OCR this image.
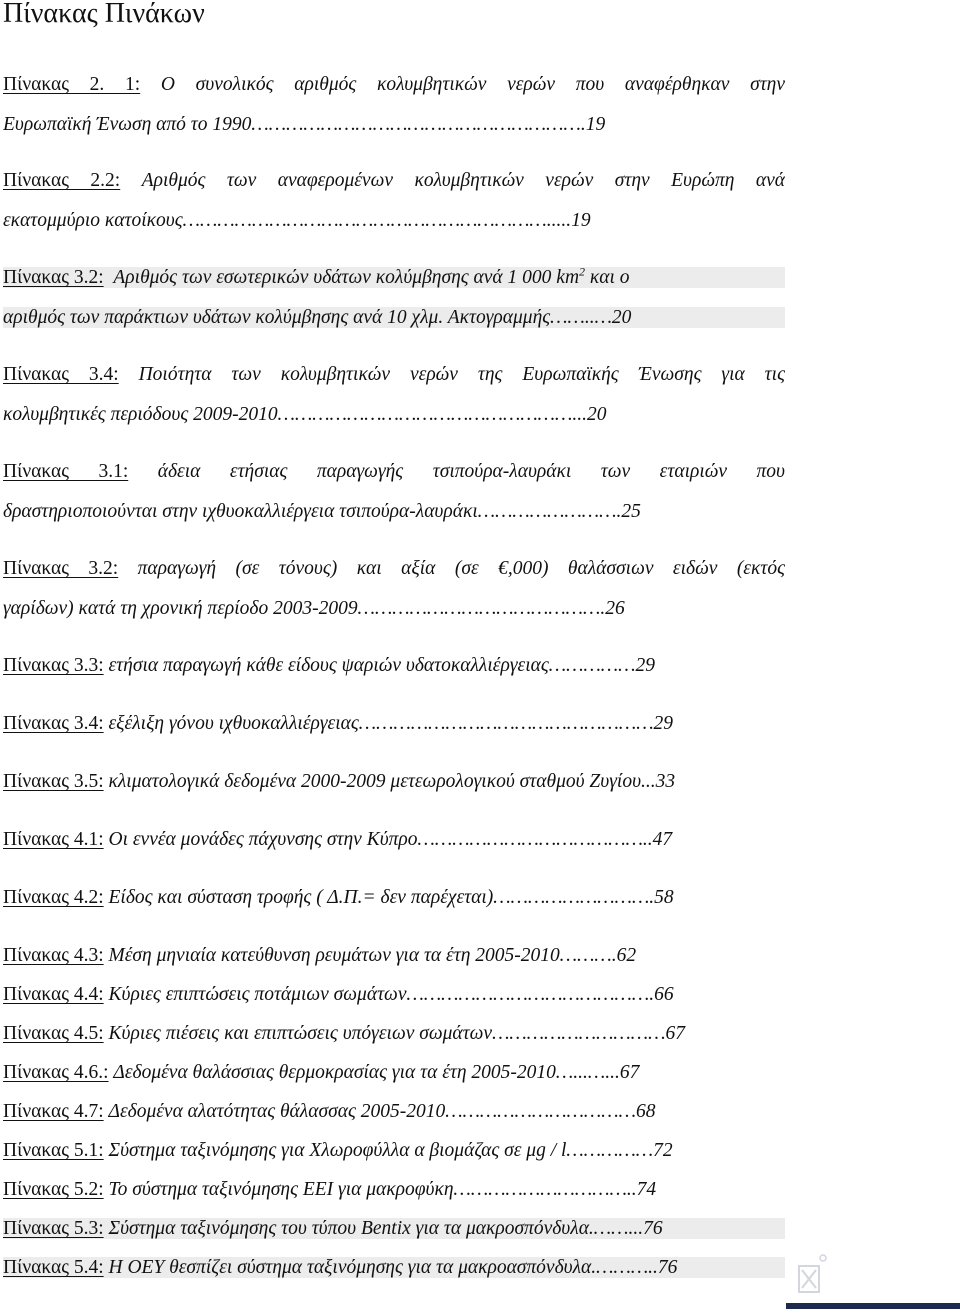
Πίνακας Πινάκων
Πίνακας 2. 1: Ο συνολικός αριθμός κολυμβητικών νερών που αναφέρθηκαν στην
Ευρωπαϊκή Ένωση από το 1990………………………………………………….19
Πίνακας 2.2: Αριθμός των αναφερομένων κολυμβητικών νερών στην Ευρώπη ανά
εκατομμύριο κατοίκους……………………………………………………….....19
Πίνακας 3.2: Αριθμός των εσωτερικών υδάτων κολύμβησης ανά 1 000 $km^2$ και ο
αριθμός των παράκτιων υδάτων κολύμβησης ανά 10 χλμ. Ακτογραμμής……..…20
Πίνακας 3.4: Ποιότητα των κολυμβητικών νερών της Ευρωπαϊκής Ένωσης για τις
κολυμβητικές περιόδους 2009-2010……………………………………………...20
Πίνακας 3.1: άδεια ετήσιας παραγωγής τσιπούρα-λαυράκι των εταιριών που
δραστηριοποιούνται στην ιχθυοκαλλιέργεια τσιπούρα-λαυράκι…………………….25
Πίνακας 3.2: παραγωγή (σε τόνους) και αξία (σε €,000) θαλάσσιων ειδών (εκτός
γαρίδων) κατά τη χρονική περίοδο 2003-2009…………………………………….26
Πίνακας 3.3: ετήσια παραγωγή κάθε είδους ψαριών υδατοκαλλιέργειας……………29
Πίνακας 3.4: εξέλιξη γόνου ιχθυοκαλλιέργειας……………………………………………29
Πίνακας 3.5: κλιματολογικά δεδομένα 2000-2009 μετεωρολογικού σταθμού Ζυγίου...33
Πίνακας 4.1: Οι εννέα μονάδες πάχυνσης στην Κύπρο…………………………………..47
Πίνακας 4.2: Είδος και σύσταση τροφής ( Δ.Π.= δεν παρέχεται)……………………….58
Πίνακας 4.3: Μέση μηνιαία κατεύθυνση ρευμάτων για τα έτη 2005-2010……….62
Πίνακας 4.4: Κύριες επιπτώσεις ποτάμιων σωμάτων…………………………………….66
Πίνακας 4.5: Κύριες πιέσεις και επιπτώσεις υπόγειων σωμάτων…………………………67
Πίνακας 4.6.: Δεδομένα θαλάσσιας θερμοκρασίας για τα έτη 2005-2010…...…...67
Πίνακας 4.7: Δεδομένα αλατότητας θάλασσας 2005-2010……………………………68
Πίνακας 5.1: Σύστημα ταξινόμησης για Χλωροφύλλα α βιομάζας σε μg / l……………72
Πίνακας 5.2: Το σύστημα ταξινόμησης ΕΕΙ για μακροφύκη…………………………..74
Πίνακας 5.3: Σύστημα ταξινόμησης του τύπου Bentix για τα μακροσπόνδυλα.……...76
Πίνακας 5.4: Η ΟΕΥ θεσπίζει σύστημα ταξινόμησης για τα μακροασπόνδυλα.………..76
